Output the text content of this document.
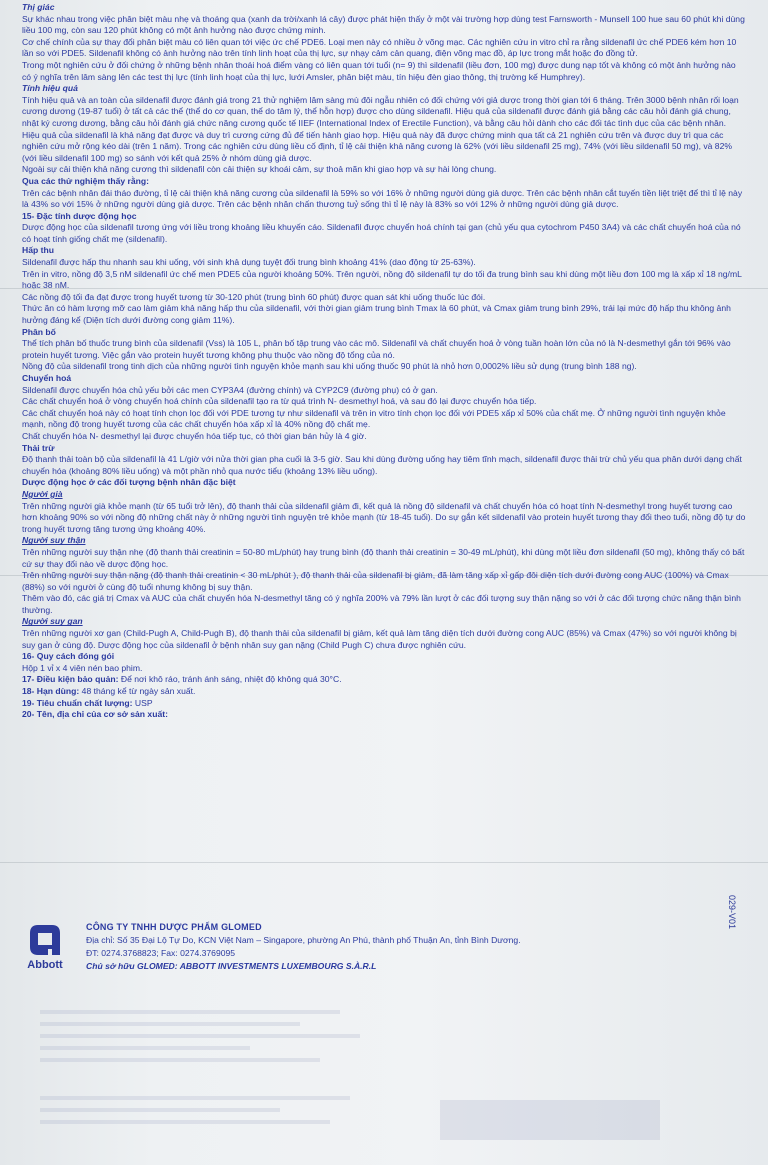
Thị giác

Sự khác nhau trong việc phân biệt màu nhẹ và thoáng qua (xanh da trời/xanh lá cây) được phát hiện thấy ở một vài trường hợp dùng test Farnsworth - Munsell 100 hue sau 60 phút khi dùng liều 100 mg, còn sau 120 phút không có một ảnh hưởng nào được chứng minh.

Cơ chế chính của sự thay đổi phân biệt màu có liên quan tới việc ức chế PDE6. Loại men này có nhiều ở võng mạc. Các nghiên cứu in vitro chỉ ra rằng sildenafil ức chế PDE6 kém hơn 10 lần so với PDE5. Sildenafil không có ảnh hưởng nào trên tính linh hoạt của thị lực, sự nhạy cảm cản quang, điện võng mạc đồ, áp lực trong mắt hoặc đo đồng tử.

Trong một nghiên cứu ở đối chứng ở những bệnh nhân thoái hoá điểm vàng có liên quan tới tuổi (n= 9) thì sildenafil (liều đơn, 100 mg) được dung nạp tốt và không có một ảnh hưởng nào có ý nghĩa trên lâm sàng lên các test thị lực (tính linh hoạt của thị lực, lưới Amsler, phân biệt màu, tín hiệu đèn giao thông, thị trường kế Humphrey).

Tính hiệu quả

Tính hiệu quả và an toàn của sildenafil được đánh giá trong 21 thử nghiệm lâm sàng mù đôi ngẫu nhiên có đối chứng với giả dược trong thời gian tới 6 tháng. Trên 3000 bệnh nhân rối loạn cương dương (19-87 tuổi) ở tất cả các thể (thể do cơ quan, thể do tâm lý, thể hỗn hợp) được cho dùng sildenafil. Hiệu quả của sildenafil được đánh giá bằng các câu hỏi đánh giá chung, nhật ký cương dương, bằng câu hỏi đánh giá chức năng cương quốc tế IIEF (International Index of Erectile Function), và bằng câu hỏi dành cho các đối tác tình dục của các bệnh nhân.

Hiệu quả của sildenafil là khả năng đạt được và duy trì cương cứng đủ để tiến hành giao hợp. Hiệu quả này đã được chứng minh qua tất cả 21 nghiên cứu trên và được duy trì qua các nghiên cứu mở rộng kéo dài (trên 1 năm). Trong các nghiên cứu dùng liều cố định, tỉ lệ cải thiện khả năng cương là 62% (với liều sildenafil 25 mg), 74% (với liều sildenafil 50 mg), và 82% (với liều sildenafil 100 mg) so sánh với kết quả 25% ở nhóm dùng giả dược.

Ngoài sự cải thiện khả năng cương thì sildenafil còn cải thiện sự khoái cảm, sự thoả mãn khi giao hợp và sự hài lòng chung.

Qua các thử nghiệm thấy rằng:

Trên các bệnh nhân đái tháo đường, tỉ lệ cải thiện khả năng cương của sildenafil là 59% so với 16% ở những người dùng giả dược. Trên các bệnh nhân cắt tuyến tiền liệt triệt để thì tỉ lệ này là 43% so với 15% ở những người dùng giả dược. Trên các bệnh nhân chấn thương tuỷ sống thì tỉ lệ này là 83% so với 12% ở những người dùng giả dược.

15- Đặc tính dược động học

Dược động học của sildenafil tương ứng với liều trong khoảng liều khuyến cáo. Sildenafil được chuyển hoá chính tại gan (chủ yếu qua cytochrom P450 3A4) và các chất chuyển hoá của nó có hoạt tính giống chất mẹ (sildenafil).

Hấp thu

Sildenafil được hấp thu nhanh sau khi uống, với sinh khả dụng tuyệt đối trung bình khoảng 41% (dao động từ 25-63%).

Trên in vitro, nồng độ 3,5 nM sildenafil ức chế men PDE5 của người khoảng 50%. Trên người, nồng độ sildenafil tự do tối đa trung bình sau khi dùng một liều đơn 100 mg là xấp xỉ 18 ng/mL hoặc 38 nM.

Các nồng độ tối đa đạt được trong huyết tương từ 30-120 phút (trung bình 60 phút) được quan sát khi uống thuốc lúc đói.

Thức ăn có hàm lượng mỡ cao làm giảm khả năng hấp thu của sildenafil, với thời gian giảm trung bình Tmax là 60 phút, và Cmax giảm trung bình 29%, trái lại mức độ hấp thu không ảnh hưởng đáng kể (Diện tích dưới đường cong giảm 11%).

Phân bố

Thể tích phân bố thuốc trung bình của sildenafil (Vss) là 105 L, phân bố tập trung vào các mô. Sildenafil và chất chuyển hoá ở vòng tuần hoàn lớn của nó là N-desmethyl gắn tới 96% vào protein huyết tương. Việc gắn vào protein huyết tương không phụ thuộc vào nồng độ tổng của nó.

Nồng độ của sildenafil trong tinh dịch của những người tình nguyện khỏe mạnh sau khi uống thuốc 90 phút là nhỏ hơn 0,0002% liều sử dụng (trung bình 188 ng).

Chuyển hoá

Sildenafil được chuyển hóa chủ yếu bởi các men CYP3A4 (đường chính) và CYP2C9 (đường phụ) có ở gan.

Các chất chuyển hoá ở vòng chuyển hoá chính của sildenafil tạo ra từ quá trình N- desmethyl hoá, và sau đó lại được chuyển hóa tiếp.

Các chất chuyển hoá này có hoạt tính chọn lọc đối với PDE tương tự như sildenafil và trên in vitro tính chọn lọc đối với PDE5 xấp xỉ 50% của chất mẹ. Ở những người tình nguyện khỏe mạnh, nồng độ trong huyết tương của các chất chuyển hóa xấp xỉ là 40% nồng độ chất mẹ.

Chất chuyển hóa N- desmethyl lại được chuyển hóa tiếp tục, có thời gian bán hủy là 4 giờ.

Thải trừ

Độ thanh thải toàn bộ của sildenafil là 41 L/giờ với nửa thời gian pha cuối là 3-5 giờ. Sau khi dùng đường uống hay tiêm tĩnh mạch, sildenafil được thải trừ chủ yếu qua phân dưới dạng chất chuyển hóa (khoảng 80% liều uống) và một phần nhỏ qua nước tiểu (khoảng 13% liều uống).

Dược động học ở các đối tượng bệnh nhân đặc biệt

Người già

Trên những người già khỏe mạnh (từ 65 tuổi trở lên), độ thanh thải của sildenafil giảm đi, kết quả là nồng độ sildenafil và chất chuyển hóa có hoạt tính N-desmethyl trong huyết tương cao hơn khoảng 90% so với nồng độ những chất này ở những người tình nguyện trẻ khỏe mạnh (từ 18-45 tuổi). Do sự gắn kết sildenafil vào protein huyết tương thay đổi theo tuổi, nồng độ tự do trong huyết tương tăng tương ứng khoảng 40%.

Người suy thận

Trên những người suy thận nhẹ (độ thanh thải creatinin = 50-80 mL/phút) hay trung bình (độ thanh thải creatinin = 30-49 mL/phút), khi dùng một liều đơn sildenafil (50 mg), không thấy có bất cứ sự thay đổi nào về dược động học.

Trên những người suy thận nặng (độ thanh thải creatinin < 30 mL/phút ), độ thanh thải của sildenafil bị giảm, đã làm tăng xấp xỉ gấp đôi diện tích dưới đường cong AUC (100%) và Cmax (88%) so với người ở cùng độ tuổi nhưng không bị suy thận.

Thêm vào đó, các giá trị Cmax và AUC của chất chuyển hóa N-desmethyl tăng có ý nghĩa 200% và 79% lần lượt ở các đối tượng suy thận nặng so với ở các đối tượng chức năng thận bình thường.

Người suy gan

Trên những người xơ gan (Child-Pugh A, Child-Pugh B), độ thanh thải của sildenafil bị giảm, kết quả làm tăng diện tích dưới đường cong AUC (85%) và Cmax (47%) so với người không bị suy gan ở cùng độ. Dược động học của sildenafil ở bệnh nhân suy gan nặng (Child Pugh C) chưa được nghiên cứu.

16- Quy cách đóng gói

Hộp 1 vỉ x 4 viên nén bao phim.

17- Điều kiện bảo quản: Để nơi khô ráo, tránh ánh sáng, nhiệt độ không quá 30°C.

18- Hạn dùng: 48 tháng kể từ ngày sản xuất.

19- Tiêu chuẩn chất lượng: USP

20- Tên, địa chỉ của cơ sở sản xuất:

Abbott
CÔNG TY TNHH DƯỢC PHẨM GLOMED
Địa chỉ: Số 35 Đại Lộ Tự Do, KCN Việt Nam – Singapore, phường An Phú, thành phố Thuận An, tỉnh Bình Dương.
ĐT: 0274.3768823; Fax: 0274.3769095
Chủ sở hữu GLOMED: ABBOTT INVESTMENTS LUXEMBOURG S.À.R.L
029-V01
